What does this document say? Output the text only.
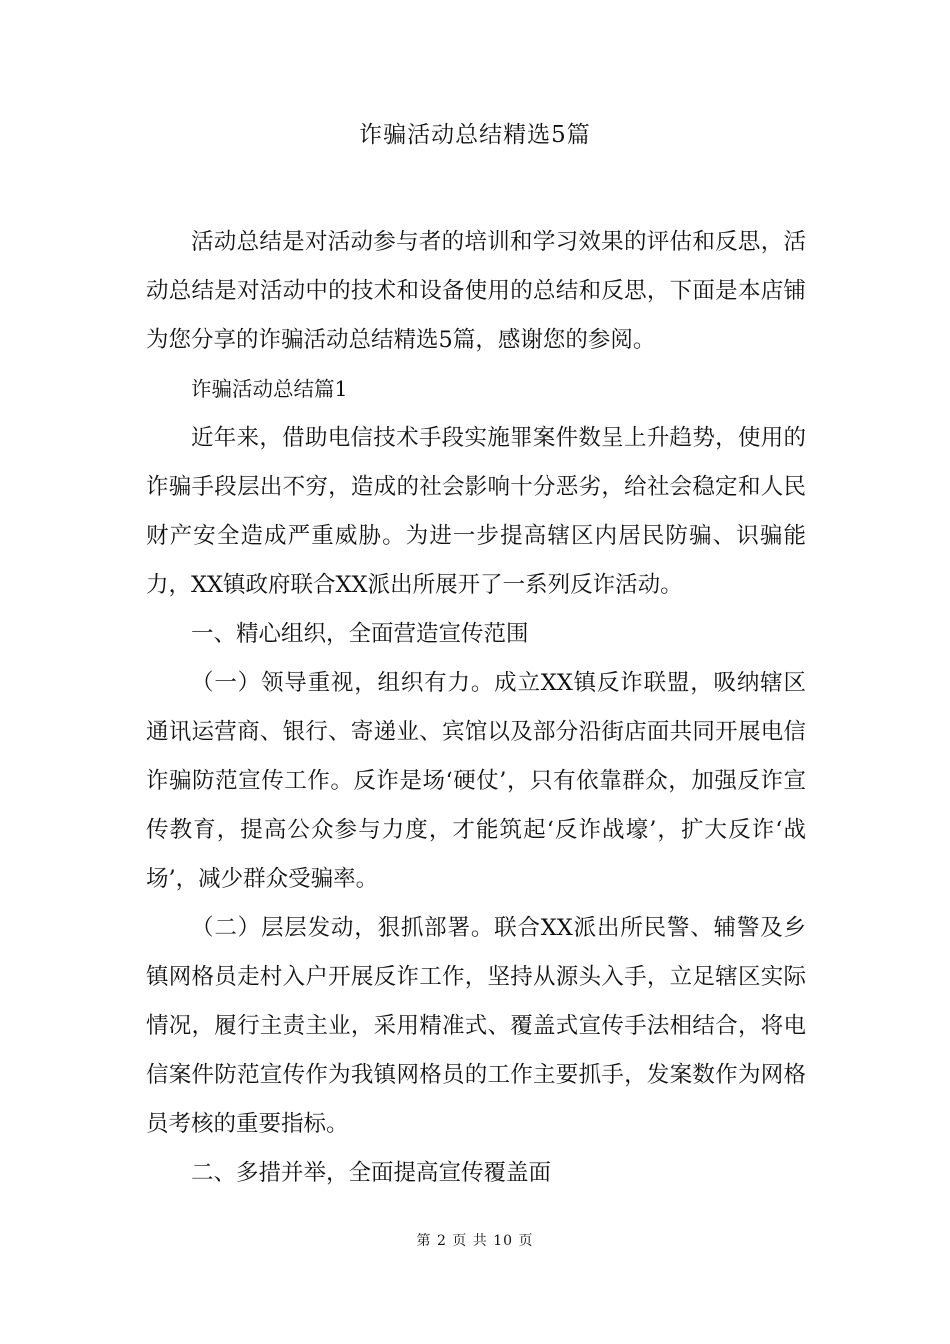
诈骗活动总结精选5篇

活动总结是对活动参与者的培训和学习效果的评估和反思，活动总结是对活动中的技术和设备使用的总结和反思，下面是本店铺为您分享的诈骗活动总结精选5篇，感谢您的参阅。

诈骗活动总结篇1

近年来，借助电信技术手段实施罪案件数呈上升趋势，使用的诈骗手段层出不穷，造成的社会影响十分恶劣，给社会稳定和人民财产安全造成严重威胁。为进一步提高辖区内居民防骗、识骗能力，XX镇政府联合XX派出所展开了一系列反诈活动。

一、精心组织，全面营造宣传范围

（一）领导重视，组织有力。成立XX镇反诈联盟，吸纳辖区通讯运营商、银行、寄递业、宾馆以及部分沿街店面共同开展电信诈骗防范宣传工作。反诈是场‘硬仗’，只有依靠群众，加强反诈宣传教育，提高公众参与力度，才能筑起‘反诈战壕’，扩大反诈‘战场’，减少群众受骗率。

（二）层层发动，狠抓部署。联合XX派出所民警、辅警及乡镇网格员走村入户开展反诈工作，坚持从源头入手，立足辖区实际情况，履行主责主业，采用精准式、覆盖式宣传手法相结合，将电信案件防范宣传作为我镇网格员的工作主要抓手，发案数作为网格员考核的重要指标。

二、多措并举，全面提高宣传覆盖面

第 2 页 共 10 页
